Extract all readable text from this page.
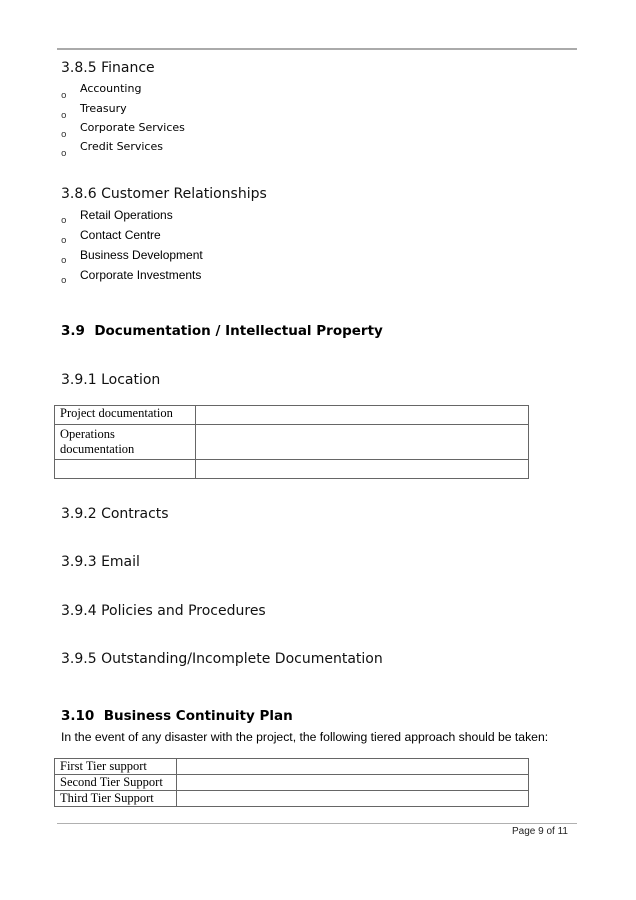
3.8.5 Finance
o
Accounting
o
Treasury
o
Corporate Services
o
Credit Services
3.8.6 Customer Relationships
o Retail Operations
o Contact Centre
o Business Development
o Corporate Investments
3.9  Documentation / Intellectual Property
3.9.1 Location
Project documentation	
Operations documentation	

3.9.2 Contracts
3.9.3 Email
3.9.4 Policies and Procedures
3.9.5 Outstanding/Incomplete Documentation
3.10  Business Continuity Plan
In the event of any disaster with the project, the following tiered approach should be taken:
First Tier support	
Second Tier Support	
Third Tier Support	
Page 9 of 11
